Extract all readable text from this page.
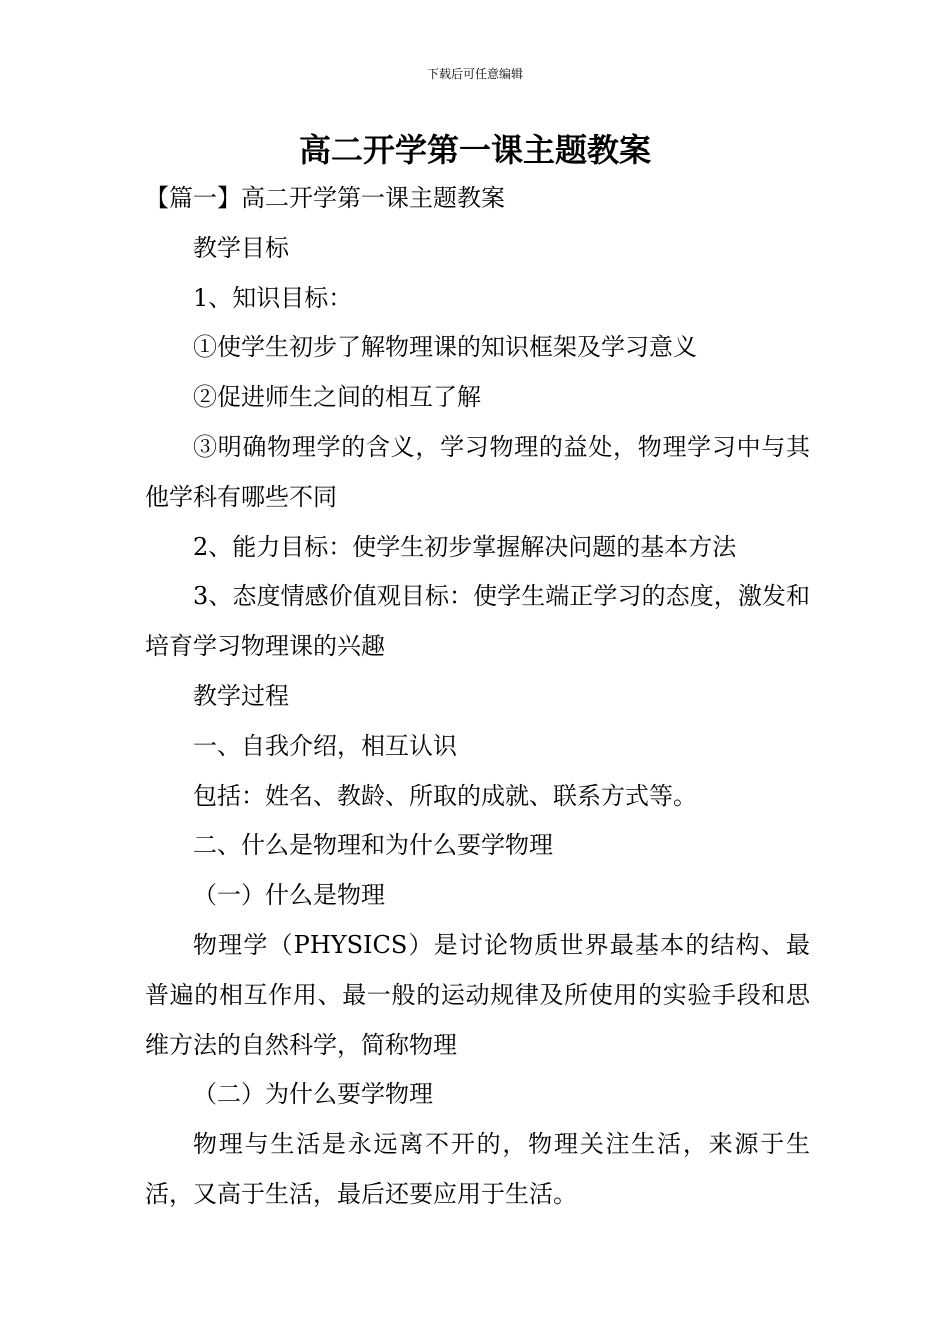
下载后可任意编辑
高二开学第一课主题教案

【篇一】高二开学第一课主题教案

教学目标

1、知识目标：

①使学生初步了解物理课的知识框架及学习意义

②促进师生之间的相互了解

③明确物理学的含义，学习物理的益处，物理学习中与其他学科有哪些不同

2、能力目标：使学生初步掌握解决问题的基本方法

3、态度情感价值观目标：使学生端正学习的态度，激发和培育学习物理课的兴趣

教学过程

一、自我介绍，相互认识

包括：姓名、教龄、所取的成就、联系方式等。

二、什么是物理和为什么要学物理

（一）什么是物理

物理学（PHYSICS）是讨论物质世界最基本的结构、最普遍的相互作用、最一般的运动规律及所使用的实验手段和思维方法的自然科学，简称物理

（二）为什么要学物理

物理与生活是永远离不开的，物理关注生活，来源于生活，又高于生活，最后还要应用于生活。
